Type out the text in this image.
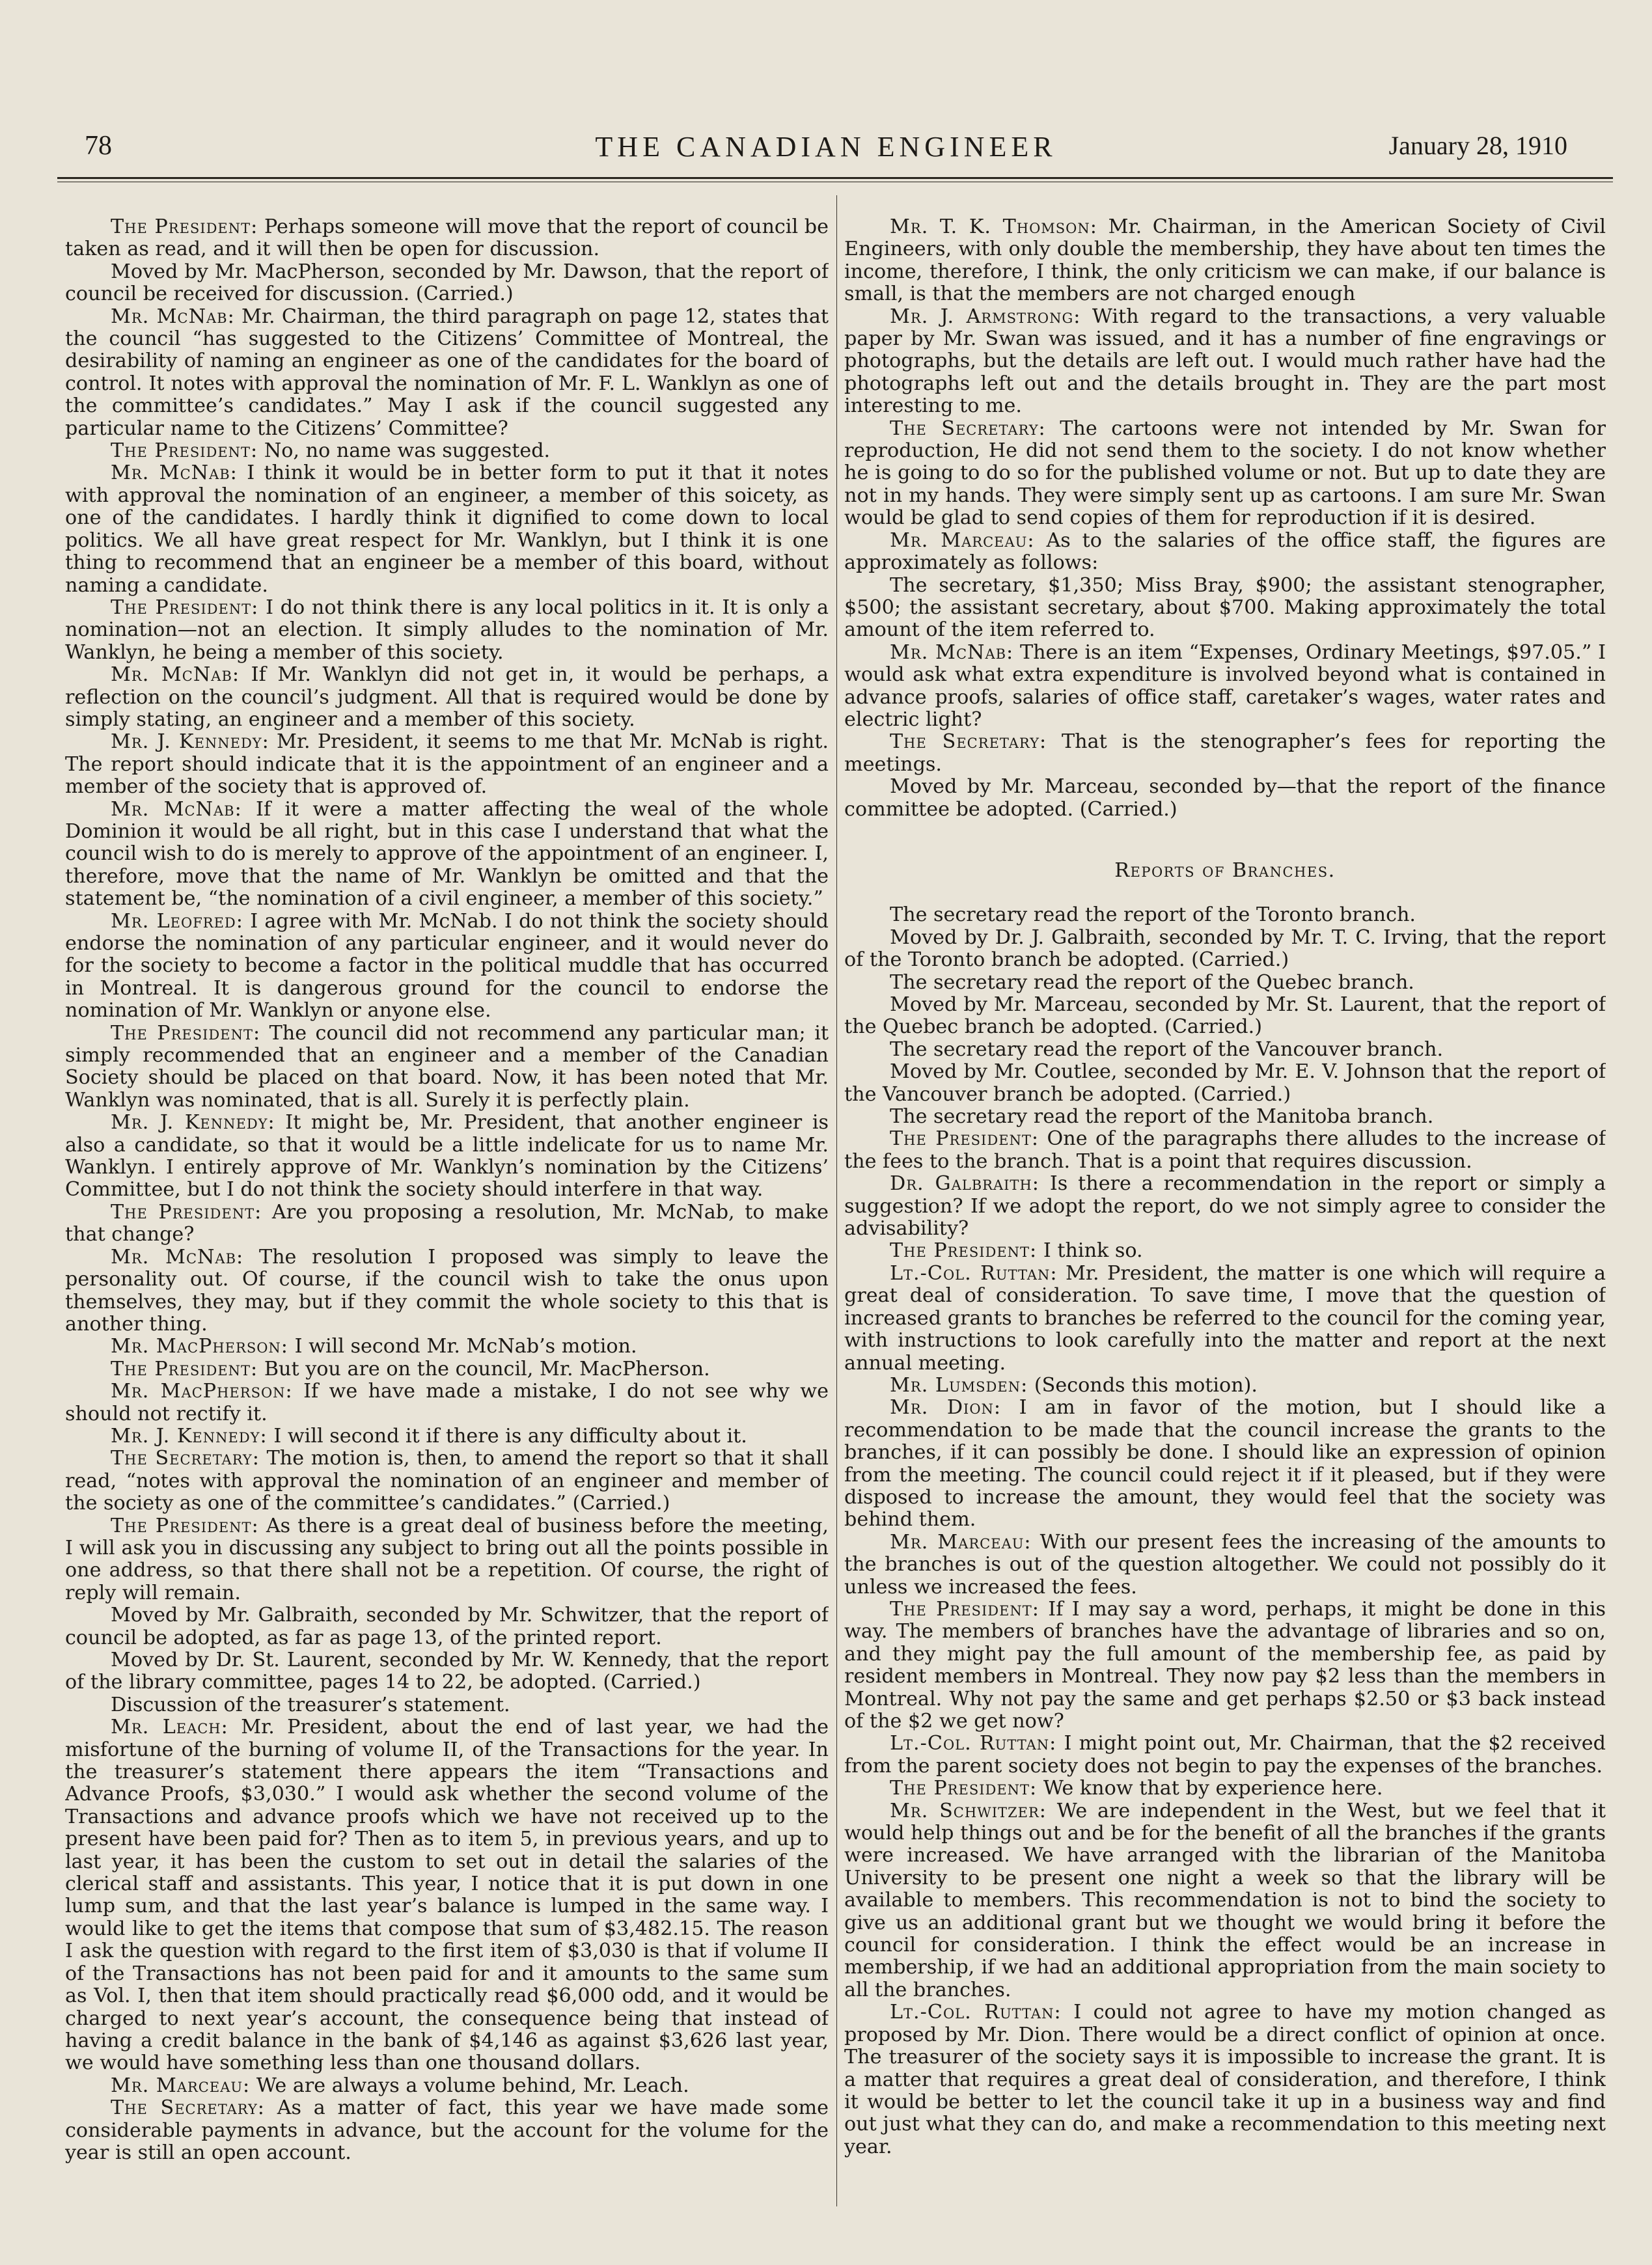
78	THE CANADIAN ENGINEER	January 28, 1910

The President: Perhaps someone will move that the report of council be taken as read, and it will then be open for discussion.

Moved by Mr. MacPherson, seconded by Mr. Dawson, that the report of council be received for discussion. (Carried.)

Mr. McNab: Mr. Chairman, the third paragraph on page 12, states that the council “has suggested to the Citizens’ Committee of Montreal, the desirability of naming an engineer as one of the candidates for the board of control. It notes with approval the nomination of Mr. F. L. Wanklyn as one of the committee’s candidates.” May I ask if the council suggested any particular name to the Citizens’ Committee?

The President: No, no name was suggested.

Mr. McNab: I think it would be in better form to put it that it notes with approval the nomination of an engineer, a member of this soicety, as one of the candidates. I hardly think it dignified to come down to local politics. We all have great respect for Mr. Wanklyn, but I think it is one thing to recommend that an engineer be a member of this board, without naming a candidate.

The President: I do not think there is any local politics in it. It is only a nomination—not an election. It simply alludes to the nomination of Mr. Wanklyn, he being a member of this society.

Mr. McNab: If Mr. Wanklyn did not get in, it would be perhaps, a reflection on the council’s judgment. All that is required would be done by simply stating, an engineer and a member of this society.

Mr. J. Kennedy: Mr. President, it seems to me that Mr. McNab is right. The report should indicate that it is the appointment of an engineer and a member of the society that is approved of.

Mr. McNab: If it were a matter affecting the weal of the whole Dominion it would be all right, but in this case I understand that what the council wish to do is merely to approve of the appointment of an engineer. I, therefore, move that the name of Mr. Wanklyn be omitted and that the statement be, “the nomination of a civil engineer, a member of this society.”

Mr. Leofred: I agree with Mr. McNab. I do not think the society should endorse the nomination of any particular engineer, and it would never do for the society to become a factor in the political muddle that has occurred in Montreal. It is dangerous ground for the council to endorse the nomination of Mr. Wanklyn or anyone else.

The President: The council did not recommend any particular man; it simply recommended that an engineer and a member of the Canadian Society should be placed on that board. Now, it has been noted that Mr. Wanklyn was nominated, that is all. Surely it is perfectly plain.

Mr. J. Kennedy: It might be, Mr. President, that another engineer is also a candidate, so that it would be a little indelicate for us to name Mr. Wanklyn. I entirely approve of Mr. Wanklyn’s nomination by the Citizens’ Committee, but I do not think the society should interfere in that way.

The President: Are you proposing a resolution, Mr. McNab, to make that change?

Mr. McNab: The resolution I proposed was simply to leave the personality out. Of course, if the council wish to take the onus upon themselves, they may, but if they commit the whole society to this that is another thing.

Mr. MacPherson: I will second Mr. McNab’s motion.

The President: But you are on the council, Mr. MacPherson.

Mr. MacPherson: If we have made a mistake, I do not see why we should not rectify it.

Mr. J. Kennedy: I will second it if there is any difficulty about it.

The Secretary: The motion is, then, to amend the report so that it shall read, “notes with approval the nomination of an engineer and member of the society as one of the committee’s candidates.” (Carried.)

The President: As there is a great deal of business before the meeting, I will ask you in discussing any subject to bring out all the points possible in one address, so that there shall not be a repetition. Of course, the right of reply will remain.

Moved by Mr. Galbraith, seconded by Mr. Schwitzer, that the report of council be adopted, as far as page 13, of the printed report.

Moved by Dr. St. Laurent, seconded by Mr. W. Kennedy, that the report of the library committee, pages 14 to 22, be adopted. (Carried.)

Discussion of the treasurer’s statement.

Mr. Leach: Mr. President, about the end of last year, we had the misfortune of the burning of volume II, of the Transactions for the year. In the treasurer’s statement there appears the item “Transactions and Advance Proofs, $3,030.” I would ask whether the second volume of the Transactions and advance proofs which we have not received up to the present have been paid for? Then as to item 5, in previous years, and up to last year, it has been the custom to set out in detail the salaries of the clerical staff and assistants. This year, I notice that it is put down in one lump sum, and that the last year’s balance is lumped in the same way. I would like to get the items that compose that sum of $3,482.15. The reason I ask the question with regard to the first item of $3,030 is that if volume II of the Transactions has not been paid for and it amounts to the same sum as Vol. I, then that item should practically read $6,000 odd, and it would be charged to next year’s account, the consequence being that instead of having a credit balance in the bank of $4,146 as against $3,626 last year, we would have something less than one thousand dollars.

Mr. Marceau: We are always a volume behind, Mr. Leach.

The Secretary: As a matter of fact, this year we have made some considerable payments in advance, but the account for the volume for the year is still an open account.

Mr. T. K. Thomson: Mr. Chairman, in the American Society of Civil Engineers, with only double the membership, they have about ten times the income, therefore, I think, the only criticism we can make, if our balance is small, is that the members are not charged enough

Mr. J. Armstrong: With regard to the transactions, a very valuable paper by Mr. Swan was issued, and it has a number of fine engravings or photographs, but the details are left out. I would much rather have had the photographs left out and the details brought in. They are the part most interesting to me.

The Secretary: The cartoons were not intended by Mr. Swan for reproduction, He did not send them to the society. I do not know whether he is going to do so for the published volume or not. But up to date they are not in my hands. They were simply sent up as cartoons. I am sure Mr. Swan would be glad to send copies of them for reproduction if it is desired.

Mr. Marceau: As to the salaries of the office staff, the figures are approximately as follows:

The secretary, $1,350; Miss Bray, $900; the assistant stenographer, $500; the assistant secretary, about $700. Making approximately the total amount of the item referred to.

Mr. McNab: There is an item “Expenses, Ordinary Meetings, $97.05.” I would ask what extra expenditure is involved beyond what is contained in advance proofs, salaries of office staff, caretaker’s wages, water rates and electric light?

The Secretary: That is the stenographer’s fees for reporting the meetings.

Moved by Mr. Marceau, seconded by—that the report of the finance committee be adopted. (Carried.)

Reports of Branches.

The secretary read the report of the Toronto branch.

Moved by Dr. J. Galbraith, seconded by Mr. T. C. Irving, that the report of the Toronto branch be adopted. (Carried.)

The secretary read the report of the Quebec branch.

Moved by Mr. Marceau, seconded by Mr. St. Laurent, that the report of the Quebec branch be adopted. (Carried.)

The secretary read the report of the Vancouver branch.

Moved by Mr. Coutlee, seconded by Mr. E. V. Johnson that the report of the Vancouver branch be adopted. (Carried.)

The secretary read the report of the Manitoba branch.

The President: One of the paragraphs there alludes to the increase of the fees to the branch. That is a point that requires discussion.

Dr. Galbraith: Is there a recommendation in the report or simply a suggestion? If we adopt the report, do we not simply agree to consider the advisability?

The President: I think so.

Lt.-Col. Ruttan: Mr. President, the matter is one which will require a great deal of consideration. To save time, I move that the question of increased grants to branches be referred to the council for the coming year, with instructions to look carefully into the matter and report at the next annual meeting.

Mr. Lumsden: (Seconds this motion).

Mr. Dion: I am in favor of the motion, but I should like a recommendation to be made that the council increase the grants to the branches, if it can possibly be done. I should like an expression of opinion from the meeting. The council could reject it if it pleased, but if they were disposed to increase the amount, they would feel that the society was behind them.

Mr. Marceau: With our present fees the increasing of the amounts to the branches is out of the question altogether. We could not possibly do it unless we increased the fees.

The President: If I may say a word, perhaps, it might be done in this way. The members of branches have the advantage of libraries and so on, and they might pay the full amount of the membership fee, as paid by resident members in Montreal. They now pay $2 less than the members in Montreal. Why not pay the same and get perhaps $2.50 or $3 back instead of the $2 we get now?

Lt.-Col. Ruttan: I might point out, Mr. Chairman, that the $2 received from the parent society does not begin to pay the expenses of the branches.

The President: We know that by experience here.

Mr. Schwitzer: We are independent in the West, but we feel that it would help things out and be for the benefit of all the branches if the grants were increased. We have arranged with the librarian of the Manitoba University to be present one night a week so that the library will be available to members. This recommendation is not to bind the society to give us an additional grant but we thought we would bring it before the council for consideration. I think the effect would be an increase in membership, if we had an additional appropriation from the main society to all the branches.

Lt.-Col. Ruttan: I could not agree to have my motion changed as proposed by Mr. Dion. There would be a direct conflict of opinion at once. The treasurer of the society says it is impossible to increase the grant. It is a matter that requires a great deal of consideration, and therefore, I think it would be better to let the council take it up in a business way and find out just what they can do, and make a recommendation to this meeting next year.
